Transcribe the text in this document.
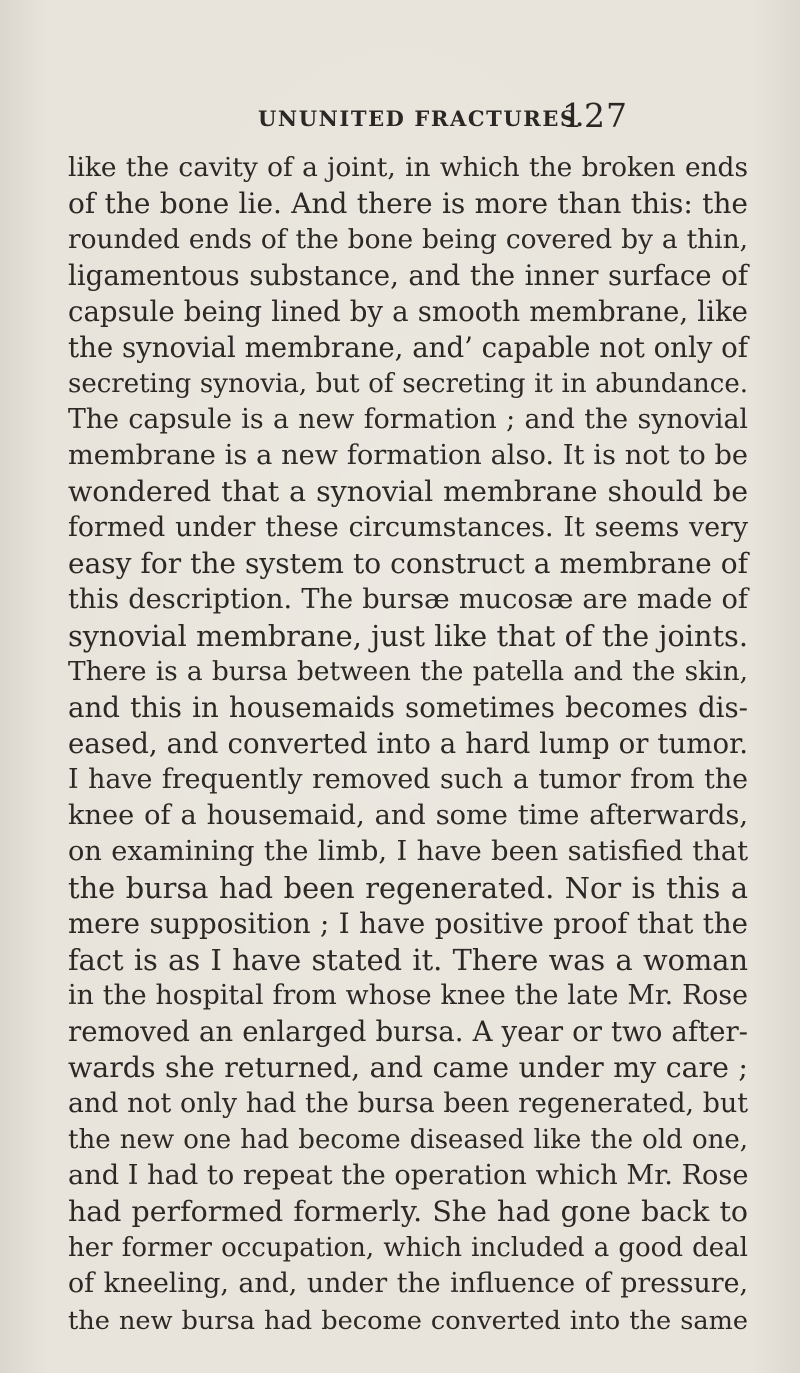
UNUNITED FRACTURES.
127
like the cavity of a joint, in which the broken ends
of the bone lie. And there is more than this: the
rounded ends of the bone being covered by a thin,
ligamentous substance, and the inner surface of
capsule being lined by a smooth membrane, like
the synovial membrane, and’ capable not only of
secreting synovia, but of secreting it in abundance.
The capsule is a new formation ; and the synovial
membrane is a new formation also. It is not to be
wondered that a synovial membrane should be
formed under these circumstances. It seems very
easy for the system to construct a membrane of
this description. The bursæ mucosæ are made of
synovial membrane, just like that of the joints.
There is a bursa between the patella and the skin,
and this in housemaids sometimes becomes dis-
eased, and converted into a hard lump or tumor.
I have frequently removed such a tumor from the
knee of a housemaid, and some time afterwards,
on examining the limb, I have been satisfied that
the bursa had been regenerated. Nor is this a
mere supposition ; I have positive proof that the
fact is as I have stated it. There was a woman
in the hospital from whose knee the late Mr. Rose
removed an enlarged bursa. A year or two after-
wards she returned, and came under my care ;
and not only had the bursa been regenerated, but
the new one had become diseased like the old one,
and I had to repeat the operation which Mr. Rose
had performed formerly. She had gone back to
her former occupation, which included a good deal
of kneeling, and, under the influence of pressure,
the new bursa had become converted into the same
